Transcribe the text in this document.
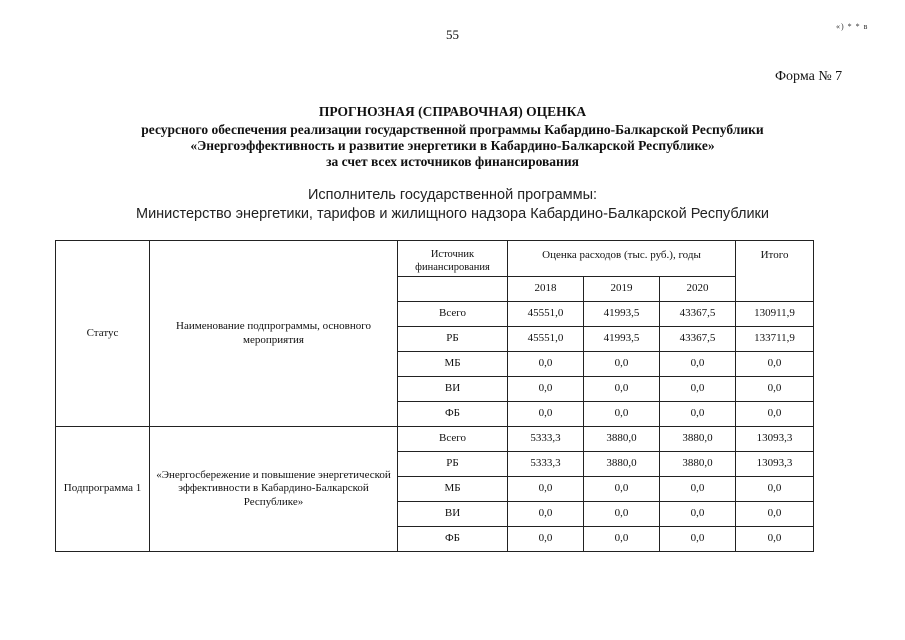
55
«) * * в
Форма № 7
ПРОГНОЗНАЯ (СПРАВОЧНАЯ) ОЦЕНКА
ресурсного обеспечения реализации государственной программы Кабардино-Балкарской Республики
«Энергоэффективность и развитие энергетики в Кабардино-Балкарской Республике»
за счет всех источников финансирования
Исполнитель государственной программы:
Министерство энергетики, тарифов и жилищного надзора Кабардино-Балкарской Республики
Статус	Наименование подпрограммы, основного мероприятия	Источник финансирования	Оценка расходов (тыс. руб.), годы			Итого
			2018	2019	2020	
		Всего	45551,0	41993,5	43367,5	130911,9
		РБ	45551,0	41993,5	43367,5	133711,9
		МБ	0,0	0,0	0,0	0,0
		ВИ	0,0	0,0	0,0	0,0
		ФБ	0,0	0,0	0,0	0,0
Подпрограмма 1	«Энергосбережение и повышение энергетической эффективности в Кабардино-Балкарской Республике»	Всего	5333,3	3880,0	3880,0	13093,3
		РБ	5333,3	3880,0	3880,0	13093,3
		МБ	0,0	0,0	0,0	0,0
		ВИ	0,0	0,0	0,0	0,0
		ФБ	0,0	0,0	0,0	0,0
